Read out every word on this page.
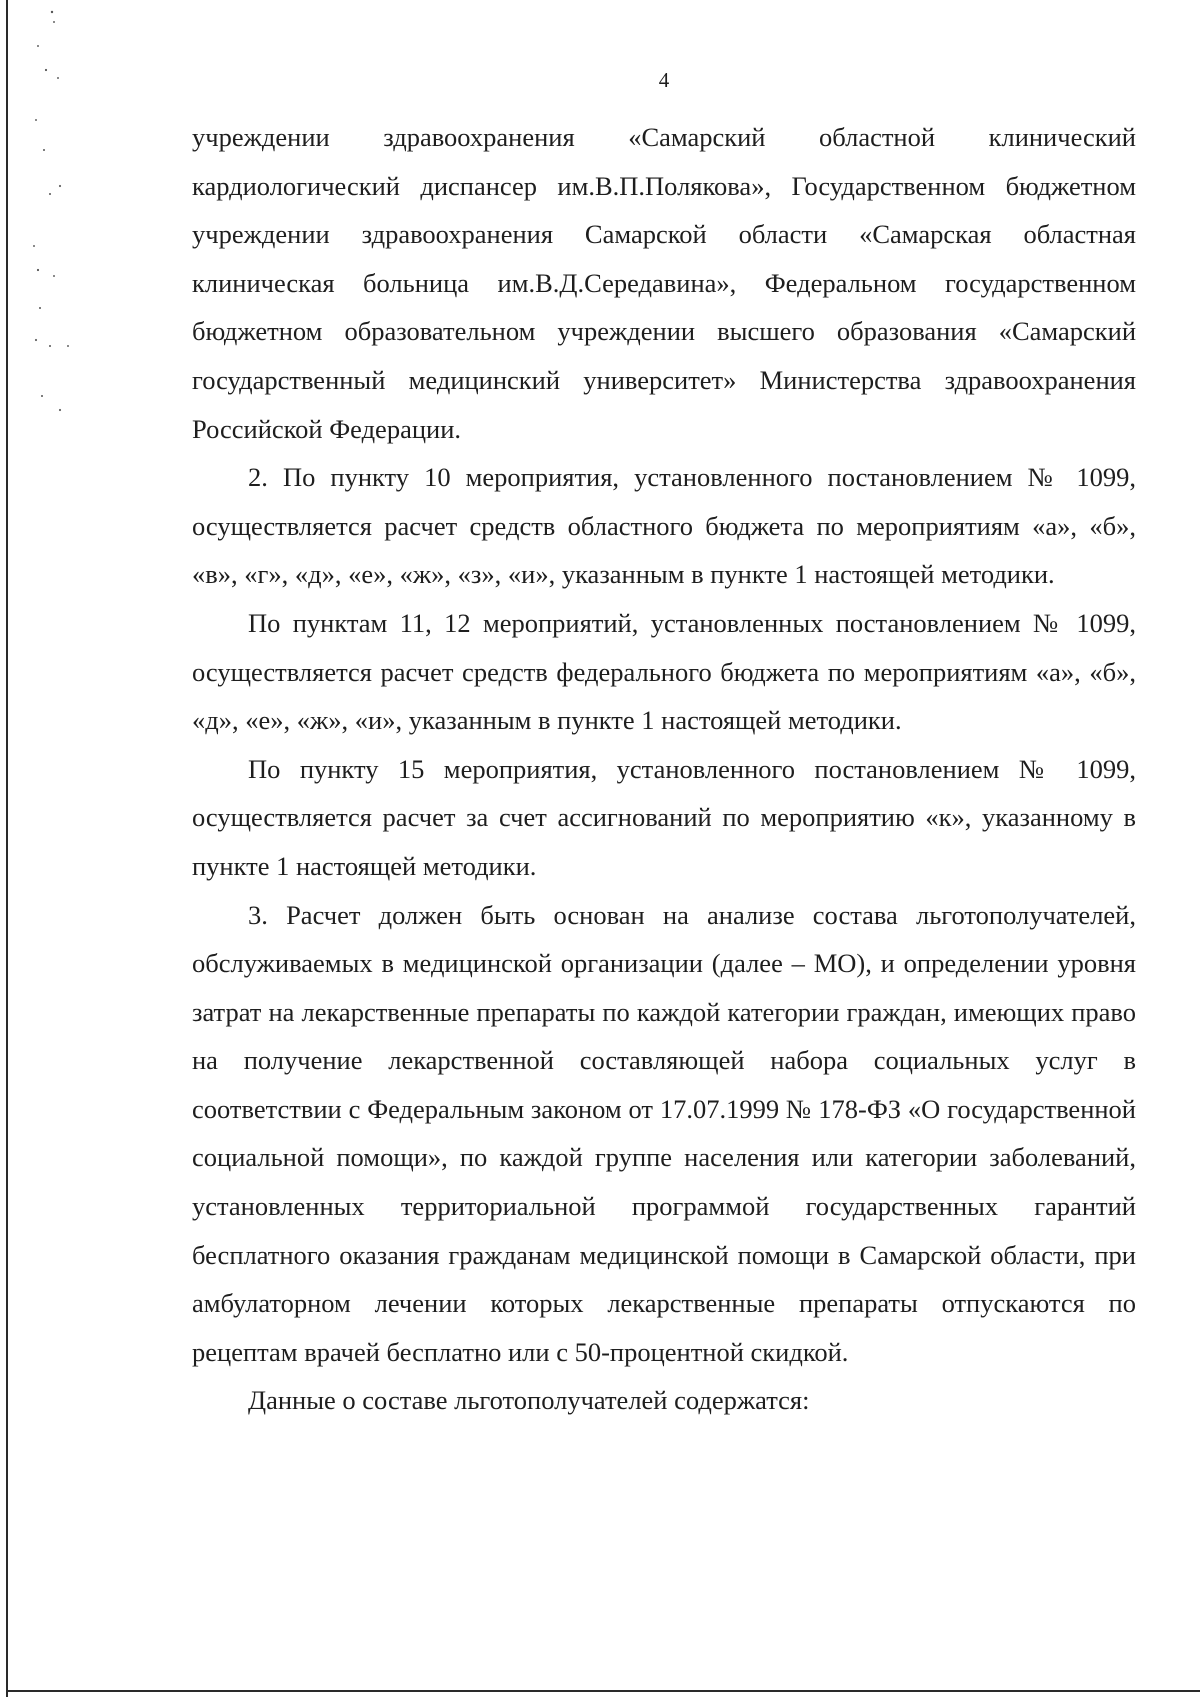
4

учреждении здравоохранения «Самарский областной клинический кардиологический диспансер им.В.П.Полякова», Государственном бюджетном учреждении здравоохранения Самарской области «Самарская областная клиническая больница им.В.Д.Середавина», Федеральном государственном бюджетном образовательном учреждении высшего образования «Самарский государственный медицинский университет» Министерства здравоохранения Российской Федерации.

2. По пункту 10 мероприятия, установленного постановлением № 1099, осуществляется расчет средств областного бюджета по мероприятиям «а», «б», «в», «г», «д», «е», «ж», «з», «и», указанным в пункте 1 настоящей методики.

По пунктам 11, 12 мероприятий, установленных постановлением № 1099, осуществляется расчет средств федерального бюджета по мероприятиям «а», «б», «д», «е», «ж», «и», указанным в пункте 1 настоящей методики.

По пункту 15 мероприятия, установленного постановлением № 1099, осуществляется расчет за счет ассигнований по мероприятию «к», указанному в пункте 1 настоящей методики.

3. Расчет должен быть основан на анализе состава льготополучателей, обслуживаемых в медицинской организации (далее – МО), и определении уровня затрат на лекарственные препараты по каждой категории граждан, имеющих право на получение лекарственной составляющей набора социальных услуг в соответствии с Федеральным законом от 17.07.1999 № 178-ФЗ «О государственной социальной помощи», по каждой группе населения или категории заболеваний, установленных территориальной программой государственных гарантий бесплатного оказания гражданам медицинской помощи в Самарской области, при амбулаторном лечении которых лекарственные препараты отпускаются по рецептам врачей бесплатно или с 50-процентной скидкой.

Данные о составе льготополучателей содержатся:
